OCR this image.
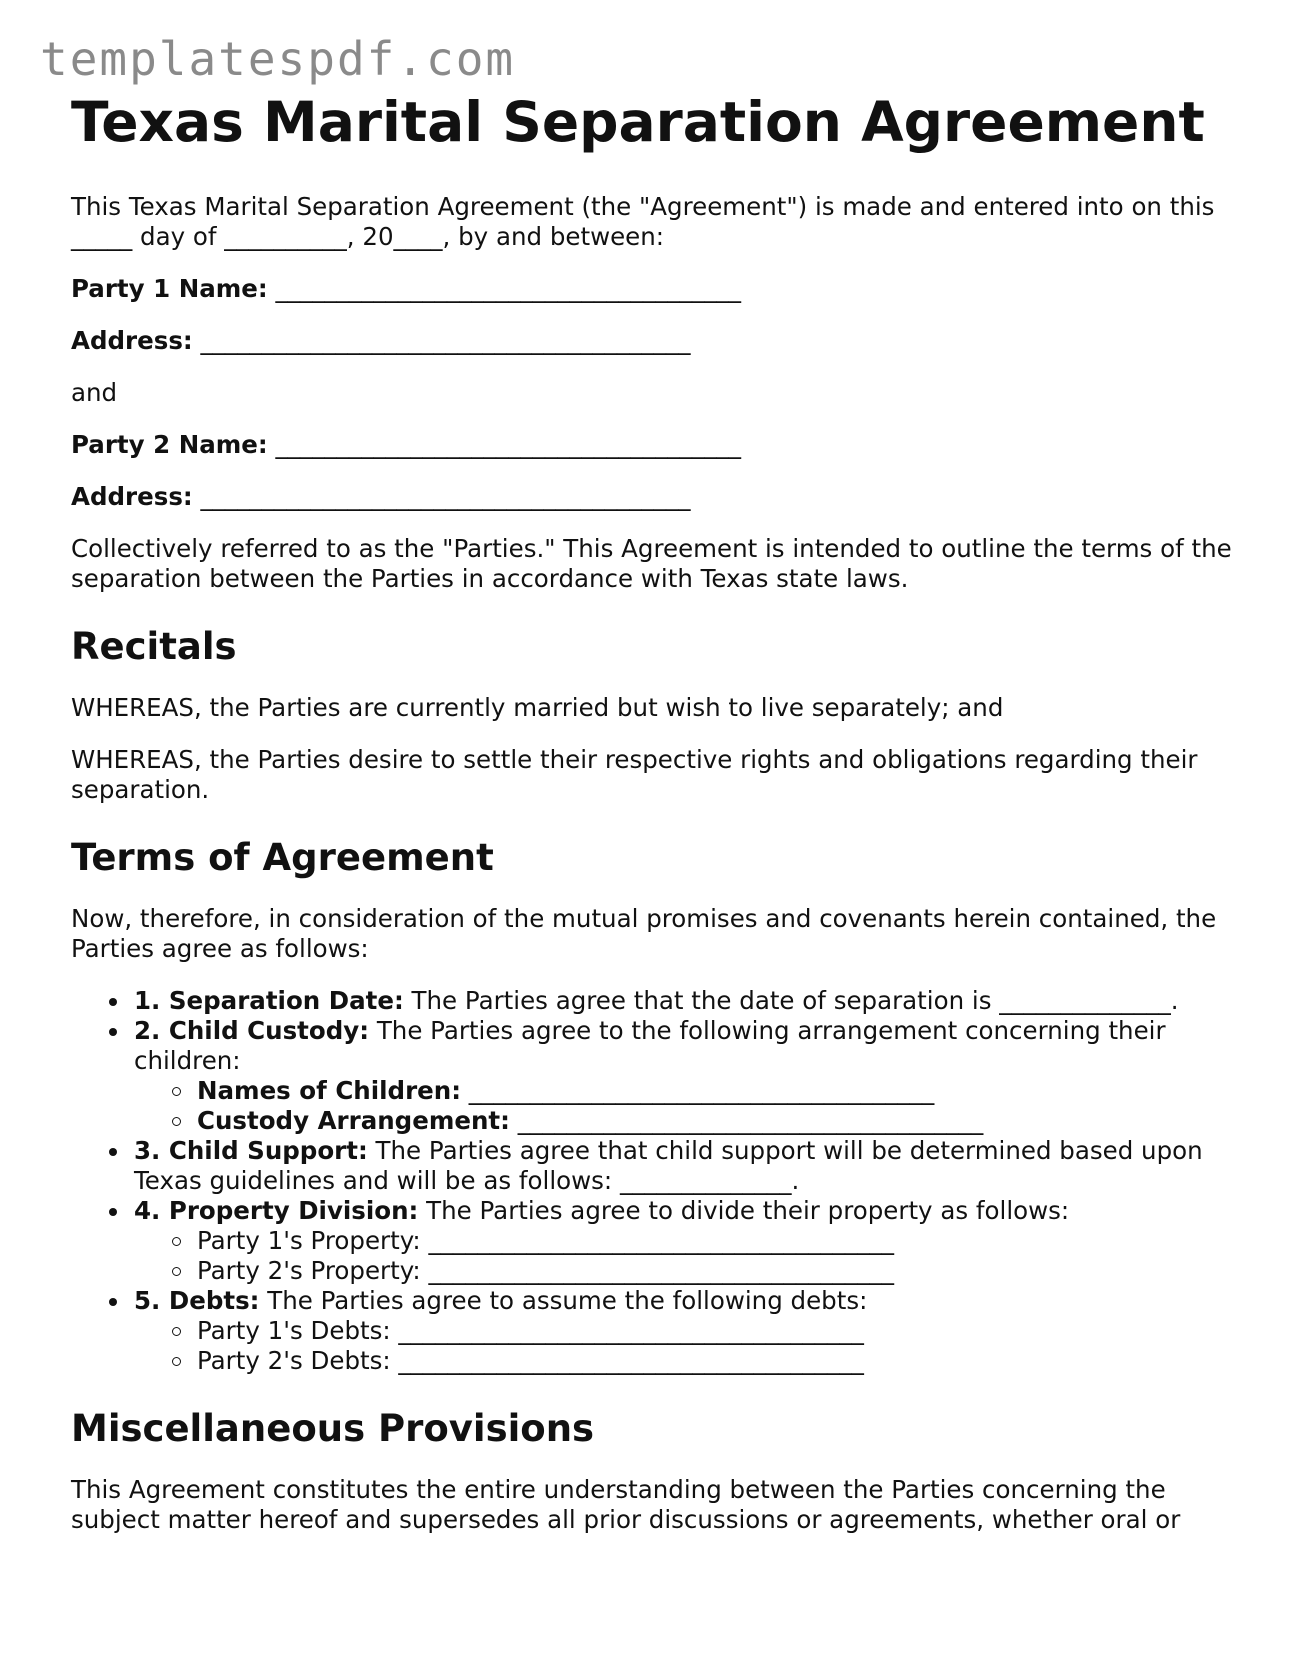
templatespdf.com
Texas Marital Separation Agreement

This Texas Marital Separation Agreement (the "Agreement") is made and entered into on this _____ day of __________, 20____, by and between:

Party 1 Name: ______________________________________

Address: ________________________________________

and

Party 2 Name: ______________________________________

Address: ________________________________________

Collectively referred to as the "Parties." This Agreement is intended to outline the terms of the separation between the Parties in accordance with Texas state laws.

Recitals

WHEREAS, the Parties are currently married but wish to live separately; and

WHEREAS, the Parties desire to settle their respective rights and obligations regarding their separation.

Terms of Agreement

Now, therefore, in consideration of the mutual promises and covenants herein contained, the Parties agree as follows:

1. Separation Date: The Parties agree that the date of separation is ______________.
2. Child Custody: The Parties agree to the following arrangement concerning their children:
Names of Children: ______________________________________
Custody Arrangement: ______________________________________
3. Child Support: The Parties agree that child support will be determined based upon Texas guidelines and will be as follows: ______________.
4. Property Division: The Parties agree to divide their property as follows:
Party 1's Property: ______________________________________
Party 2's Property: ______________________________________
5. Debts: The Parties agree to assume the following debts:
Party 1's Debts: ______________________________________
Party 2's Debts: ______________________________________
Miscellaneous Provisions

This Agreement constitutes the entire understanding between the Parties concerning the subject matter hereof and supersedes all prior discussions or agreements, whether oral or
